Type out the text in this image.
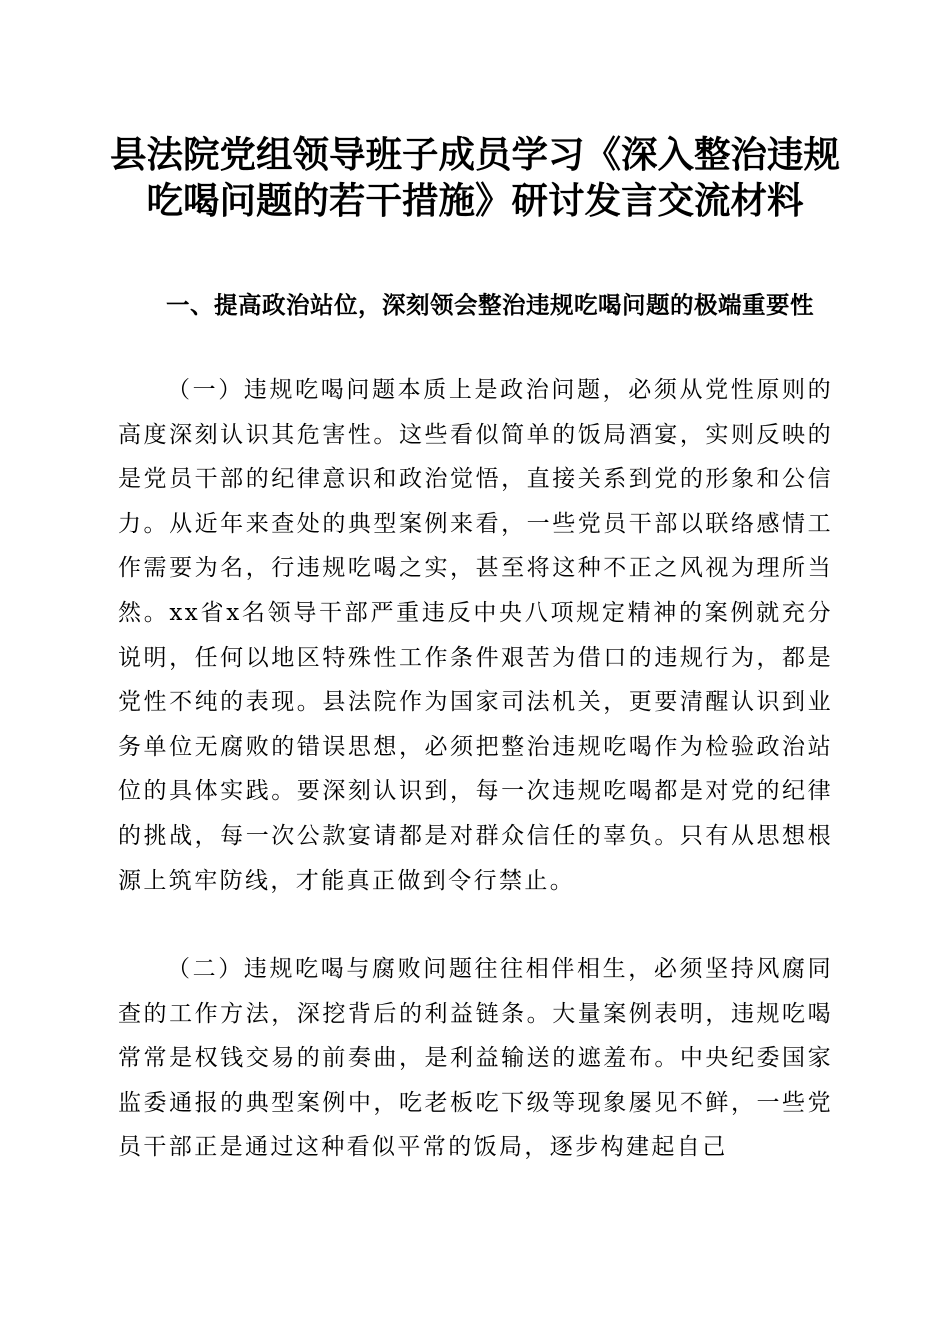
县法院党组领导班子成员学习《深入整治违规
吃喝问题的若干措施》研讨发言交流材料
一、提高政治站位，深刻领会整治违规吃喝问题的极端重要性

（一）违规吃喝问题本质上是政治问题，必须从党性原则的高度深刻认识其危害性。这些看似简单的饭局酒宴，实则反映的是党员干部的纪律意识和政治觉悟，直接关系到党的形象和公信力。从近年来查处的典型案例来看，一些党员干部以联络感情工作需要为名，行违规吃喝之实，甚至将这种不正之风视为理所当然。xx省x名领导干部严重违反中央八项规定精神的案例就充分说明，任何以地区特殊性工作条件艰苦为借口的违规行为，都是党性不纯的表现。县法院作为国家司法机关，更要清醒认识到业务单位无腐败的错误思想，必须把整治违规吃喝作为检验政治站位的具体实践。要深刻认识到，每一次违规吃喝都是对党的纪律的挑战，每一次公款宴请都是对群众信任的辜负。只有从思想根源上筑牢防线，才能真正做到令行禁止。

（二）违规吃喝与腐败问题往往相伴相生，必须坚持风腐同查的工作方法，深挖背后的利益链条。大量案例表明，违规吃喝常常是权钱交易的前奏曲，是利益输送的遮羞布。中央纪委国家监委通报的典型案例中，吃老板吃下级等现象屡见不鲜，一些党员干部正是通过这种看似平常的饭局，逐步构建起自己
